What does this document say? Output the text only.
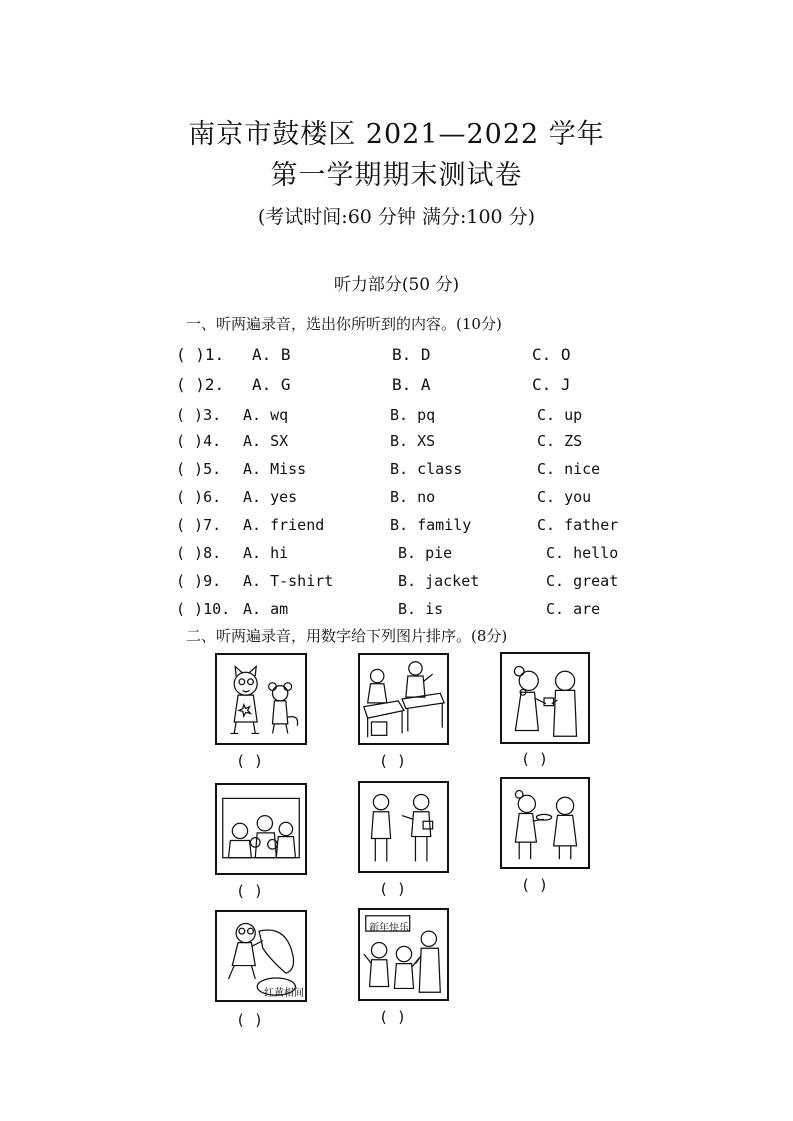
南京市鼓楼区 2021—2022 学年
第一学期期末测试卷
(考试时间:60 分钟 满分:100 分)
听力部分(50 分)
一、听两遍录音，选出你所听到的内容。(10分)
( )1. A. B	B. D	C. O
( )2. A. G	B. A	C. J
( )3. A. wq	B. pq	C. up
( )4. A. SX	B. XS	C. ZS
( )5. A. Miss	B. class	C. nice
( )6. A. yes	B. no	C. you
( )7. A. friend	B. family	C. father
( )8. A. hi	B. pie	C. hello
( )9. A. T-shirt	B. jacket	C. great
( )10. A. am	B. is	C. are
二、听两遍录音，用数字给下列图片排序。(8分)
( )	( )	( )
( )	( )	( )
红黄相间
( )
新年快乐
( )
